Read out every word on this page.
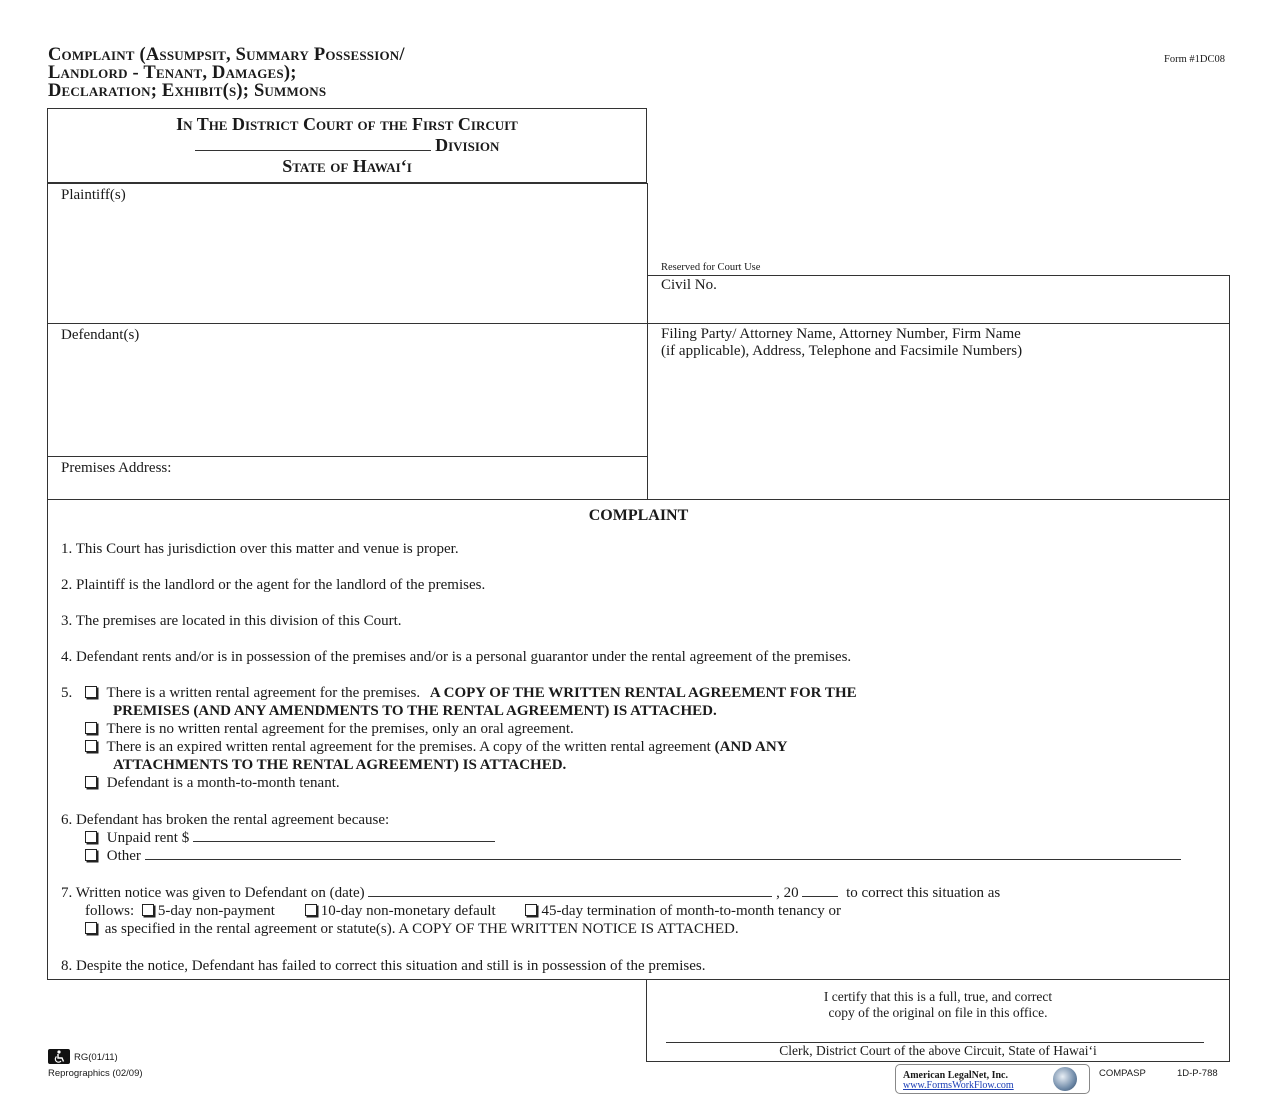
Complaint (Assumpsit, Summary Possession/
Landlord - Tenant, Damages);
Declaration; Exhibit(s); Summons
Form #1DC08
In The District Court of the First Circuit
Division
State of Hawai‘i
Plaintiff(s)
Defendant(s)
Premises Address:
Reserved for Court Use
Civil No.
Filing Party/ Attorney Name, Attorney Number, Firm Name
(if applicable), Address, Telephone and Facsimile Numbers)
COMPLAINT
1. This Court has jurisdiction over this matter and venue is proper.
2. Plaintiff is the landlord or the agent for the landlord of the premises.
3. The premises are located in this division of this Court.
4. Defendant rents and/or is in possession of the premises and/or is a personal guarantor under the rental agreement of the premises.
5.	There is a written rental agreement for the premises. A COPY OF THE WRITTEN RENTAL AGREEMENT FOR THE
PREMISES (AND ANY AMENDMENTS TO THE RENTAL AGREEMENT) IS ATTACHED.
There is no written rental agreement for the premises, only an oral agreement.
There is an expired written rental agreement for the premises. A copy of the written rental agreement (AND ANY
ATTACHMENTS TO THE RENTAL AGREEMENT) IS ATTACHED.
Defendant is a month-to-month tenant.
6. Defendant has broken the rental agreement because:
Unpaid rent $
Other
7. Written notice was given to Defendant on (date)	, 20	to correct this situation as
follows: 5-day non-payment	10-day non-monetary default	45-day termination of month-to-month tenancy or
as specified in the rental agreement or statute(s). A COPY OF THE WRITTEN NOTICE IS ATTACHED.
8. Despite the notice, Defendant has failed to correct this situation and still is in possession of the premises.
I certify that this is a full, true, and correct
copy of the original on file in this office.
Clerk, District Court of the above Circuit, State of Hawai‘i
RG(01/11)
Reprographics (02/09)	American LegalNet, Inc.
www.FormsWorkFlow.com
COMPASP	1D-P-788
